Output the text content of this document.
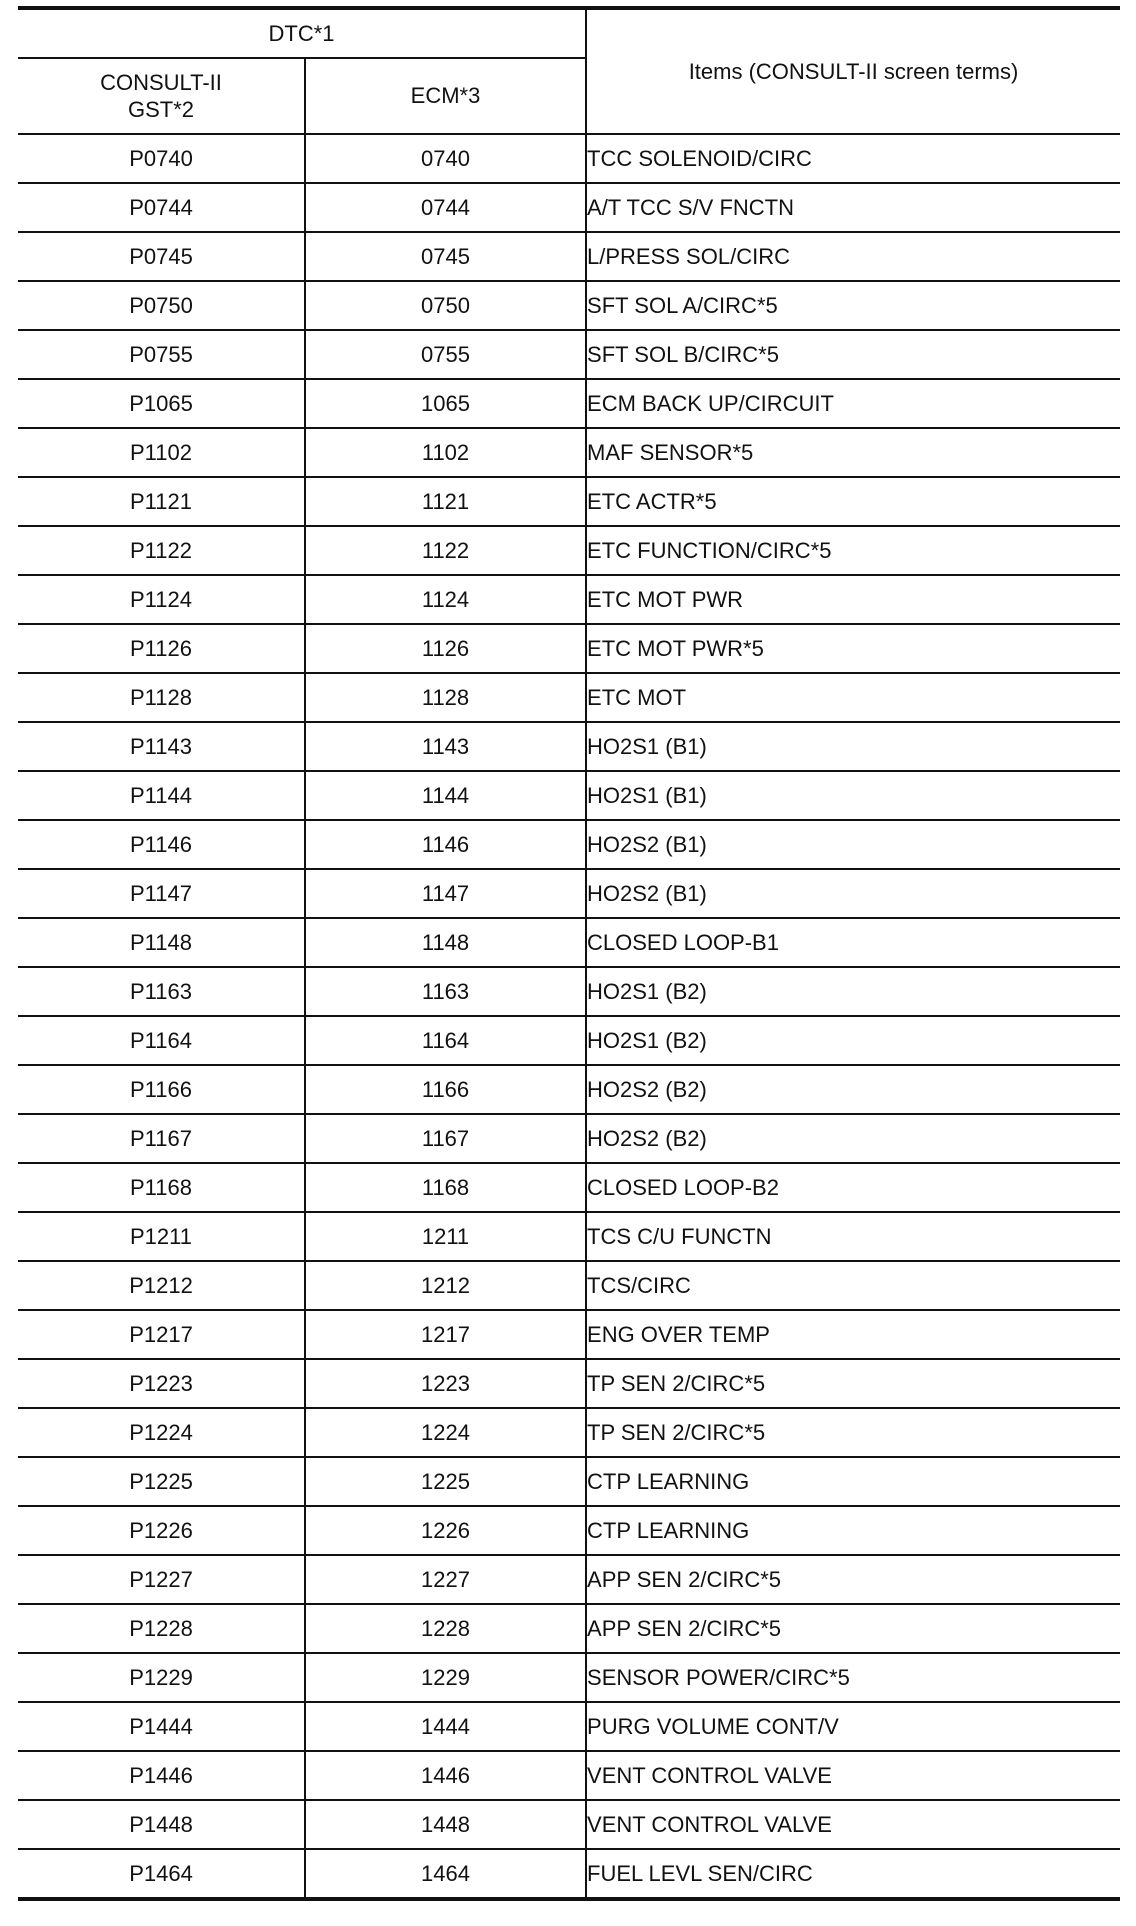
DTC*1		Items (CONSULT-II screen terms)

CONSULT-II
GST*2	ECM*3	
P0740	0740	TCC SOLENOID/CIRC
P0744	0744	A/T TCC S/V FNCTN
P0745	0745	L/PRESS SOL/CIRC
P0750	0750	SFT SOL A/CIRC*5
P0755	0755	SFT SOL B/CIRC*5
P1065	1065	ECM BACK UP/CIRCUIT
P1102	1102	MAF SENSOR*5
P1121	1121	ETC ACTR*5
P1122	1122	ETC FUNCTION/CIRC*5
P1124	1124	ETC MOT PWR
P1126	1126	ETC MOT PWR*5
P1128	1128	ETC MOT
P1143	1143	HO2S1 (B1)
P1144	1144	HO2S1 (B1)
P1146	1146	HO2S2 (B1)
P1147	1147	HO2S2 (B1)
P1148	1148	CLOSED LOOP-B1
P1163	1163	HO2S1 (B2)
P1164	1164	HO2S1 (B2)
P1166	1166	HO2S2 (B2)
P1167	1167	HO2S2 (B2)
P1168	1168	CLOSED LOOP-B2
P1211	1211	TCS C/U FUNCTN
P1212	1212	TCS/CIRC
P1217	1217	ENG OVER TEMP
P1223	1223	TP SEN 2/CIRC*5
P1224	1224	TP SEN 2/CIRC*5
P1225	1225	CTP LEARNING
P1226	1226	CTP LEARNING
P1227	1227	APP SEN 2/CIRC*5
P1228	1228	APP SEN 2/CIRC*5
P1229	1229	SENSOR POWER/CIRC*5
P1444	1444	PURG VOLUME CONT/V
P1446	1446	VENT CONTROL VALVE
P1448	1448	VENT CONTROL VALVE
P1464	1464	FUEL LEVL SEN/CIRC
